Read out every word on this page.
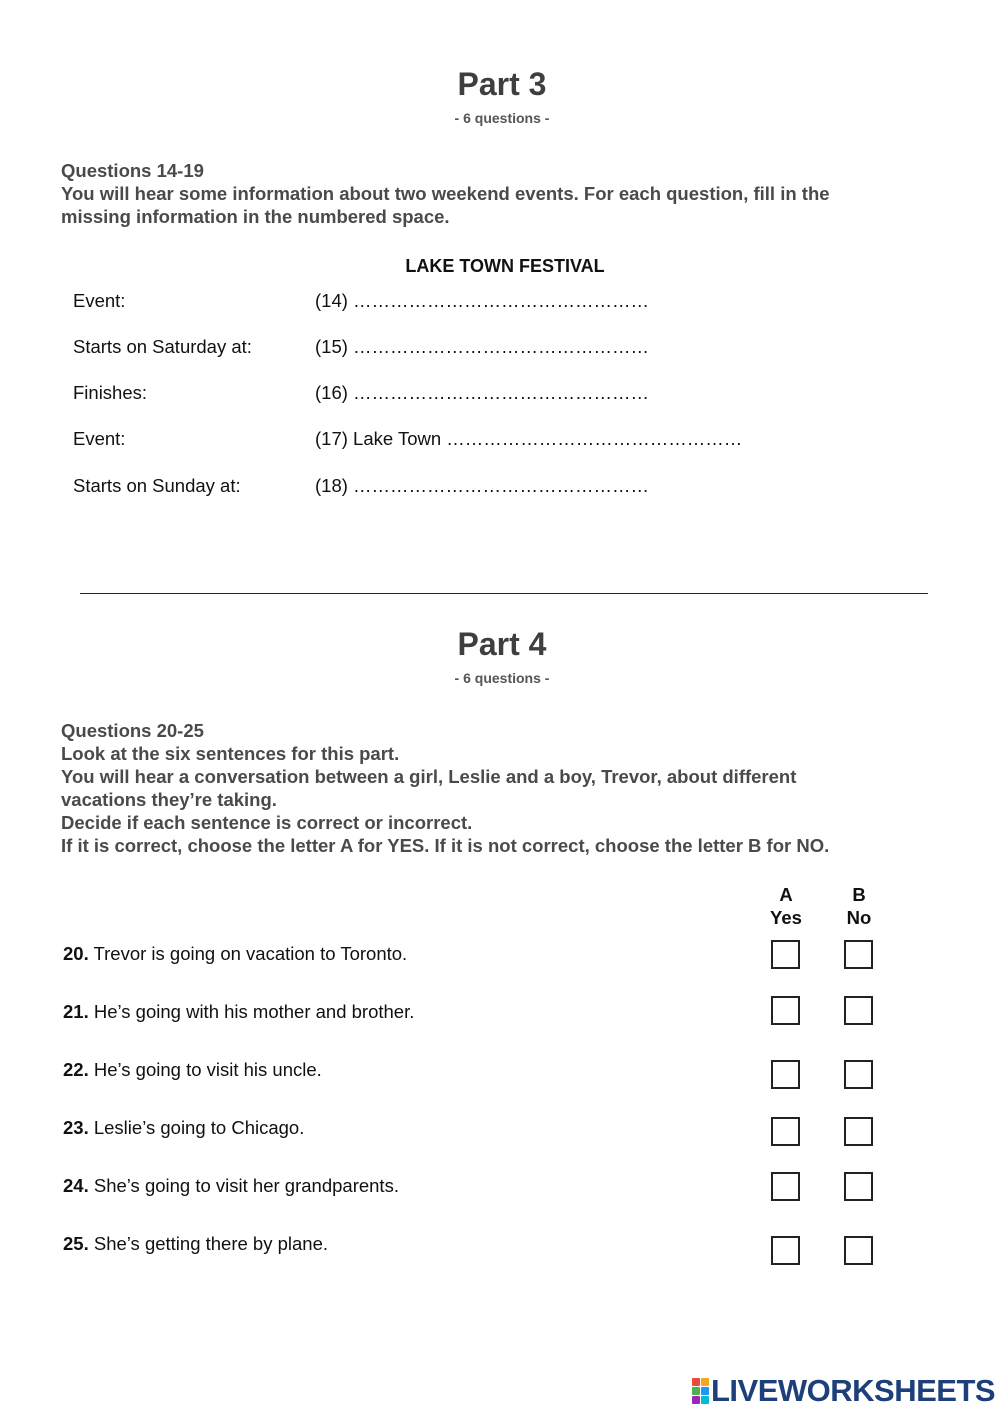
Part 3
- 6 questions -
Questions 14-19
You will hear some information about two weekend events. For each question, fill in the
missing information in the numbered space.
LAKE TOWN FESTIVAL
Event:	(14) …………………………………………
Starts on Saturday at:	(15) …………………………………………
Finishes:	(16) …………………………………………
Event:	(17) Lake Town …………………………………………
Starts on Sunday at:	(18) …………………………………………
Part 4
- 6 questions -
Questions 20-25
Look at the six sentences for this part.
You will hear a conversation between a girl, Leslie and a boy, Trevor, about different
vacations they’re taking.
Decide if each sentence is correct or incorrect.
If it is correct, choose the letter A for YES. If it is not correct, choose the letter B for NO.
A
Yes
B
No
20. Trevor is going on vacation to Toronto.
21. He’s going with his mother and brother.
22. He’s going to visit his uncle.
23. Leslie’s going to Chicago.
24. She’s going to visit her grandparents.
25. She’s getting there by plane.
LIVEWORKSHEETS
